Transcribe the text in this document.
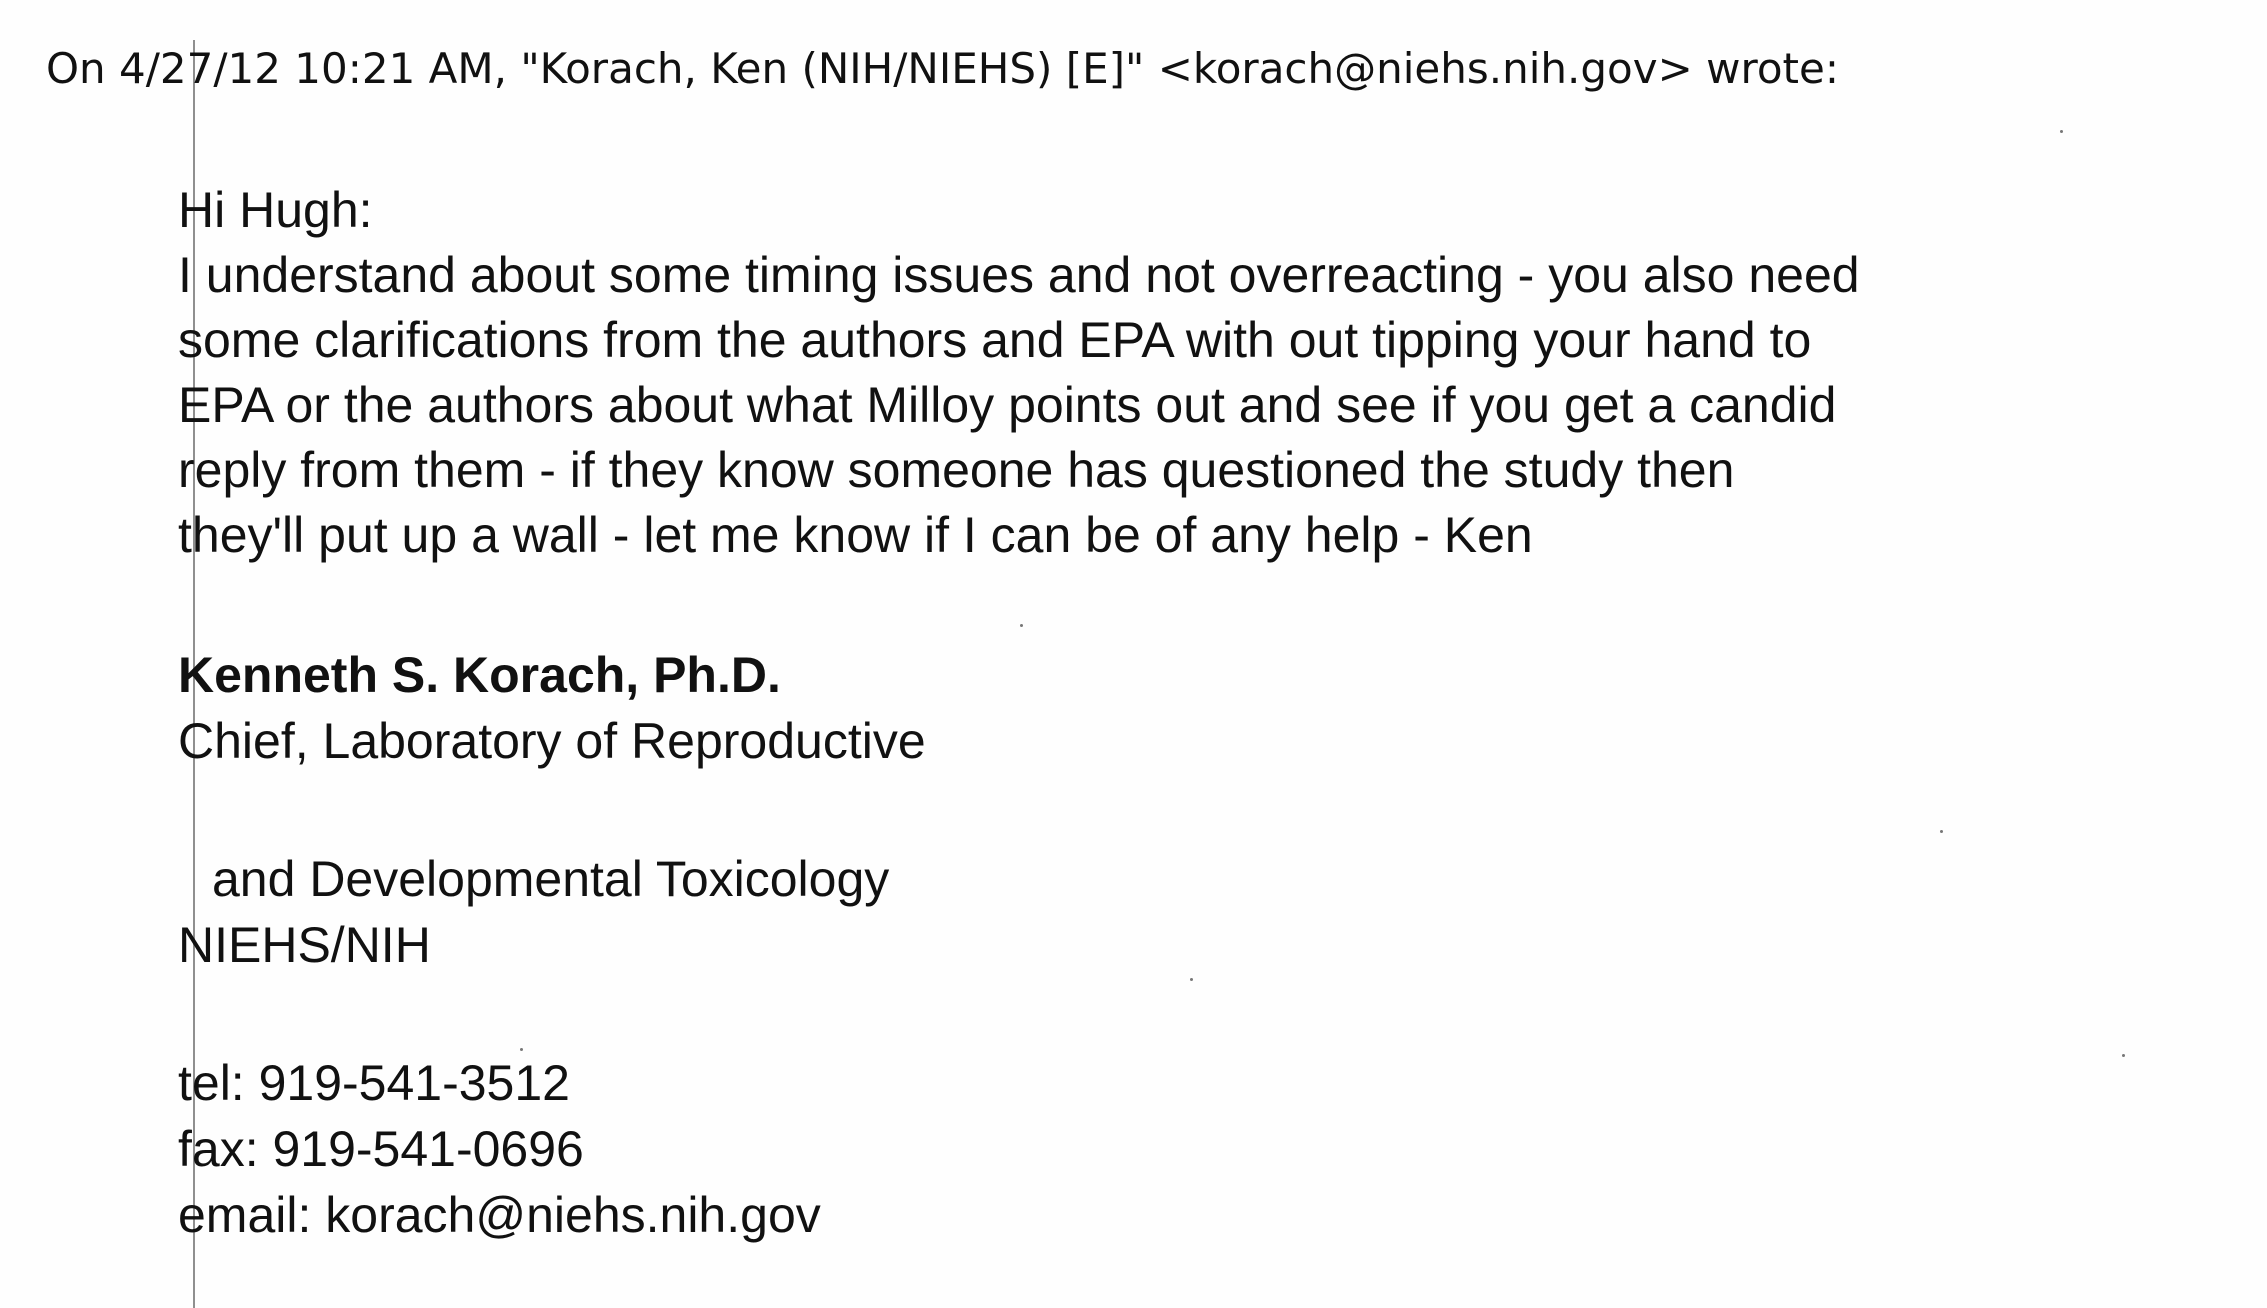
On 4/27/12 10:21 AM, "Korach, Ken (NIH/NIEHS) [E]" <korach@niehs.nih.gov> wrote:

Hi Hugh:

I understand about some timing issues and not overreacting - you also need

some clarifications from the authors and EPA with out tipping your hand to

EPA or the authors about what Milloy points out and see if you get a candid

reply from them - if they know someone has questioned the study then

they'll put up a wall - let me know if I can be of any help - Ken

Kenneth S. Korach, Ph.D.
Chief, Laboratory of Reproductive
and Developmental Toxicology
NIEHS/NIH
tel: 919-541-3512
fax: 919-541-0696
email: korach@niehs.nih.gov
